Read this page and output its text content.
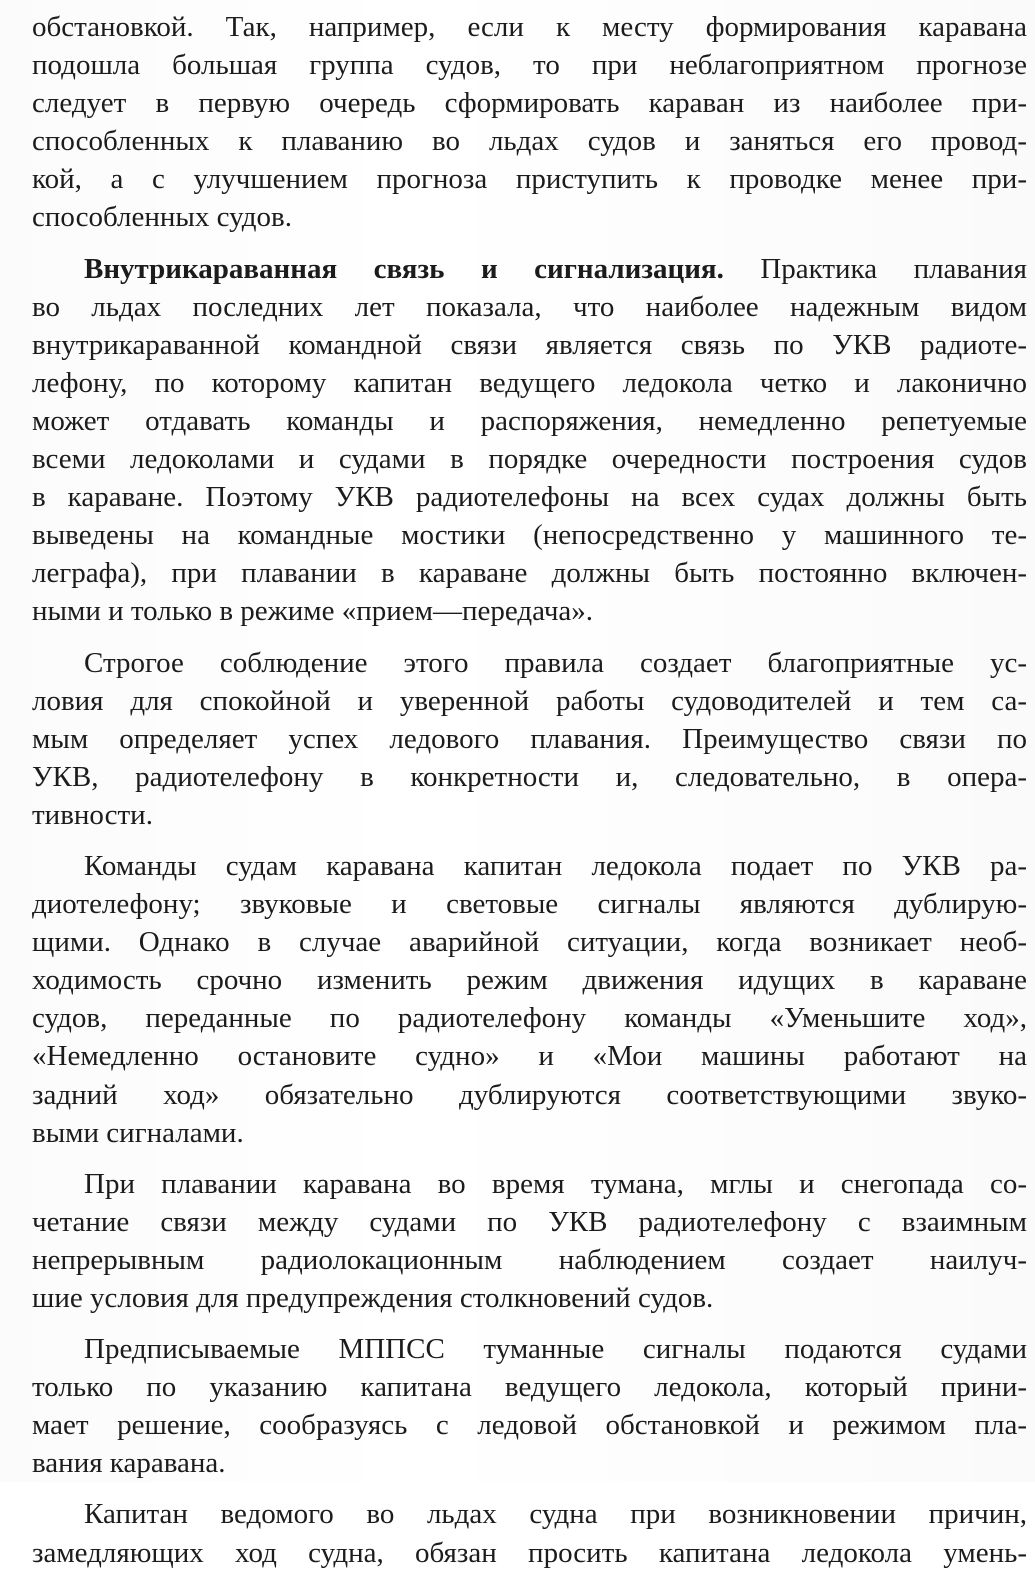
обстановкой. Так, например, если к месту формирования каравана
подошла большая группа судов, то при неблагоприятном прогнозе
следует в первую очередь сформировать караван из наиболее при-
способленных к плаванию во льдах судов и заняться его провод-
кой, а с улучшением прогноза приступить к проводке менее при-
способленных судов.
Внутрикараванная связь и сигнализация. Практика плавания
во льдах последних лет показала, что наиболее надежным видом
внутрикараванной командной связи является связь по УКВ радиоте-
лефону, по которому капитан ведущего ледокола четко и лаконично
может отдавать команды и распоряжения, немедленно репетуемые
всеми ледоколами и судами в порядке очередности построения судов
в караване. Поэтому УКВ радиотелефоны на всех судах должны быть
выведены на командные мостики (непосредственно у машинного те-
леграфа), при плавании в караване должны быть постоянно включен-
ными и только в режиме «прием—передача».
Строгое соблюдение этого правила создает благоприятные ус-
ловия для спокойной и уверенной работы судоводителей и тем са-
мым определяет успех ледового плавания. Преимущество связи по
УКВ, радиотелефону в конкретности и, следовательно, в опера-
тивности.
Команды судам каравана капитан ледокола подает по УКВ ра-
диотелефону; звуковые и световые сигналы являются дублирую-
щими. Однако в случае аварийной ситуации, когда возникает необ-
ходимость срочно изменить режим движения идущих в караване
судов, переданные по радиотелефону команды «Уменьшите ход»,
«Немедленно остановите судно» и «Мои машины работают на
задний ход» обязательно дублируются соответствующими звуко-
выми сигналами.
При плавании каравана во время тумана, мглы и снегопада со-
четание связи между судами по УКВ радиотелефону с взаимным
непрерывным радиолокационным наблюдением создает наилуч-
шие условия для предупреждения столкновений судов.
Предписываемые МППСС туманные сигналы подаются судами
только по указанию капитана ведущего ледокола, который прини-
мает решение, сообразуясь с ледовой обстановкой и режимом пла-
вания каравана.
Капитан ведомого во льдах судна при возникновении причин,
замедляющих ход судна, обязан просить капитана ледокола умень-
